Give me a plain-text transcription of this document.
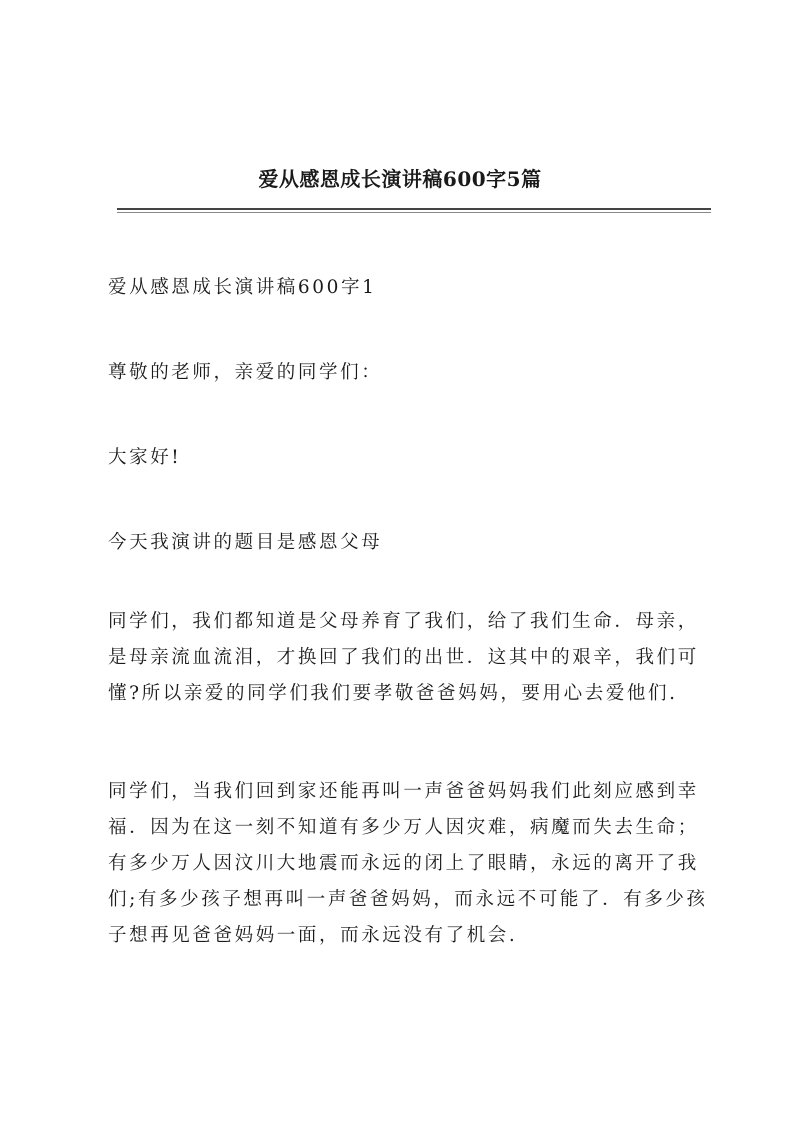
爱从感恩成长演讲稿600字5篇

爱从感恩成长演讲稿600字1

尊敬的老师，亲爱的同学们：

大家好!

今天我演讲的题目是感恩父母

同学们，我们都知道是父母养育了我们，给了我们生命．母亲，是母亲流血流泪，才换回了我们的出世．这其中的艰辛，我们可懂?所以亲爱的同学们我们要孝敬爸爸妈妈，要用心去爱他们.

同学们，当我们回到家还能再叫一声爸爸妈妈我们此刻应感到幸福．因为在这一刻不知道有多少万人因灾难，病魔而失去生命；有多少万人因汶川大地震而永远的闭上了眼睛，永远的离开了我们;有多少孩子想再叫一声爸爸妈妈，而永远不可能了．有多少孩子想再见爸爸妈妈一面，而永远没有了机会.
